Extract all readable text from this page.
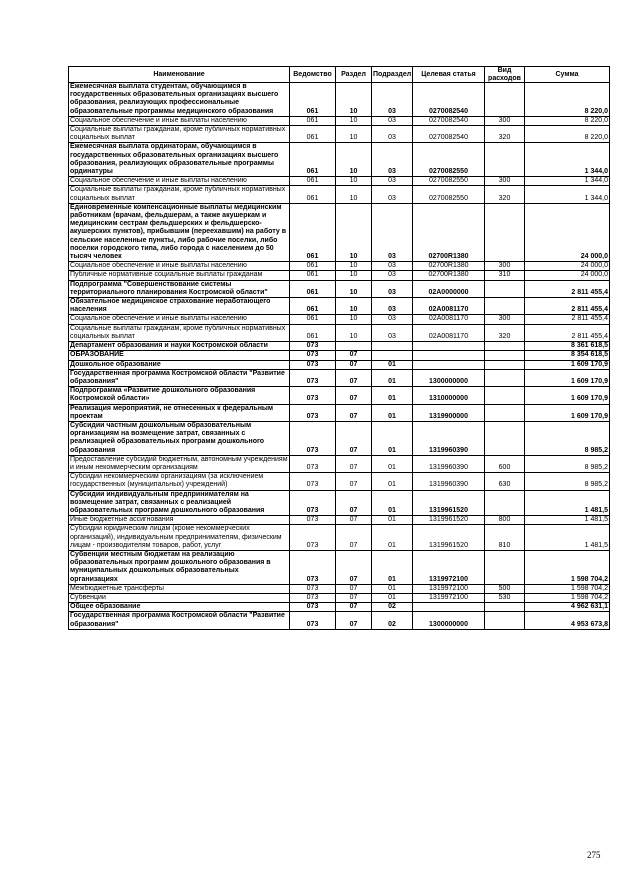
Наименование	Ведомство	Раздел	Подраздел	Целевая статья	Вид расходов	Сумма
Ежемесячная выплата студентам, обучающимся в государственных образовательных организациях высшего образования, реализующих профессиональные образовательные программы медицинского образования	061	10	03	0270082540		8 220,0
Социальное обеспечение и иные выплаты населению	061	10	03	0270082540	300	8 220,0
Социальные выплаты гражданам, кроме публичных нормативных социальных выплат	061	10	03	0270082540	320	8 220,0
Ежемесячная выплата ординаторам, обучающимся в государственных образовательных организациях высшего образования, реализующих образовательные программы ординатуры	061	10	03	0270082550		1 344,0
Социальное обеспечение и иные выплаты населению	061	10	03	0270082550	300	1 344,0
Социальные выплаты гражданам, кроме публичных нормативных социальных выплат	061	10	03	0270082550	320	1 344,0
Единовременные компенсационные выплаты медицинским работникам (врачам, фельдшерам, а также акушеркам и медицинским сестрам фельдшерских и фельдшерско-акушерских пунктов), прибывшим (переехавшим) на работу в сельские населенные пункты, либо рабочие поселки, либо поселки городского типа, либо города с населением до 50 тысяч человек	061	10	03	02700R1380		24 000,0
Социальное обеспечение и иные выплаты населению	061	10	03	02700R1380	300	24 000,0
Публичные нормативные социальные выплаты гражданам	061	10	03	02700R1380	310	24 000,0
Подпрограмма "Совершенствование системы территориального планирования Костромской области"	061	10	03	02А0000000		2 811 455,4
Обязательное медицинское страхование неработающего населения	061	10	03	02А0081170		2 811 455,4
Социальное обеспечение и иные выплаты населению	061	10	03	02А0081170	300	2 811 455,4
Социальные выплаты гражданам, кроме публичных нормативных социальных выплат	061	10	03	02А0081170	320	2 811 455,4
Департамент образования и науки Костромской области	073					8 361 618,5
ОБРАЗОВАНИЕ	073	07				8 354 618,5
Дошкольное образование	073	07	01			1 609 170,9
Государственная программа Костромской области "Развитие образования"	073	07	01	1300000000		1 609 170,9
Подпрограмма «Развитие дошкольного образования Костромской области»	073	07	01	1310000000		1 609 170,9
Реализация мероприятий, не отнесенных к федеральным проектам	073	07	01	1319900000		1 609 170,9
Субсидии частным дошкольным образовательным организациям на возмещение затрат, связанных с реализацией образовательных программ дошкольного образования	073	07	01	1319960390		8 985,2
Предоставление субсидий бюджетным, автономным учреждениям и иным некоммерческим организациям	073	07	01	1319960390	600	8 985,2
Субсидии некоммерческим организациям (за исключением государственных (муниципальных) учреждений)	073	07	01	1319960390	630	8 985,2
Субсидии индивидуальным предпринимателям на возмещение затрат, связанных с реализацией образовательных программ дошкольного образования	073	07	01	1319961520		1 481,5
Иные бюджетные ассигнования	073	07	01	1319961520	800	1 481,5
Субсидии юридическим лицам (кроме некоммерческих организаций), индивидуальным предпринимателям, физическим лицам - производителям товаров, работ, услуг	073	07	01	1319961520	810	1 481,5
Субвенции местным бюджетам на реализацию образовательных программ дошкольного образования в муниципальных дошкольных образовательных организациях	073	07	01	1319972100		1 598 704,2
Межбюджетные трансферты	073	07	01	1319972100	500	1 598 704,2
Субвенции	073	07	01	1319972100	530	1 598 704,2
Общее образование	073	07	02			4 962 631,1
Государственная программа Костромской области "Развитие образования"	073	07	02	1300000000		4 953 673,8
275
